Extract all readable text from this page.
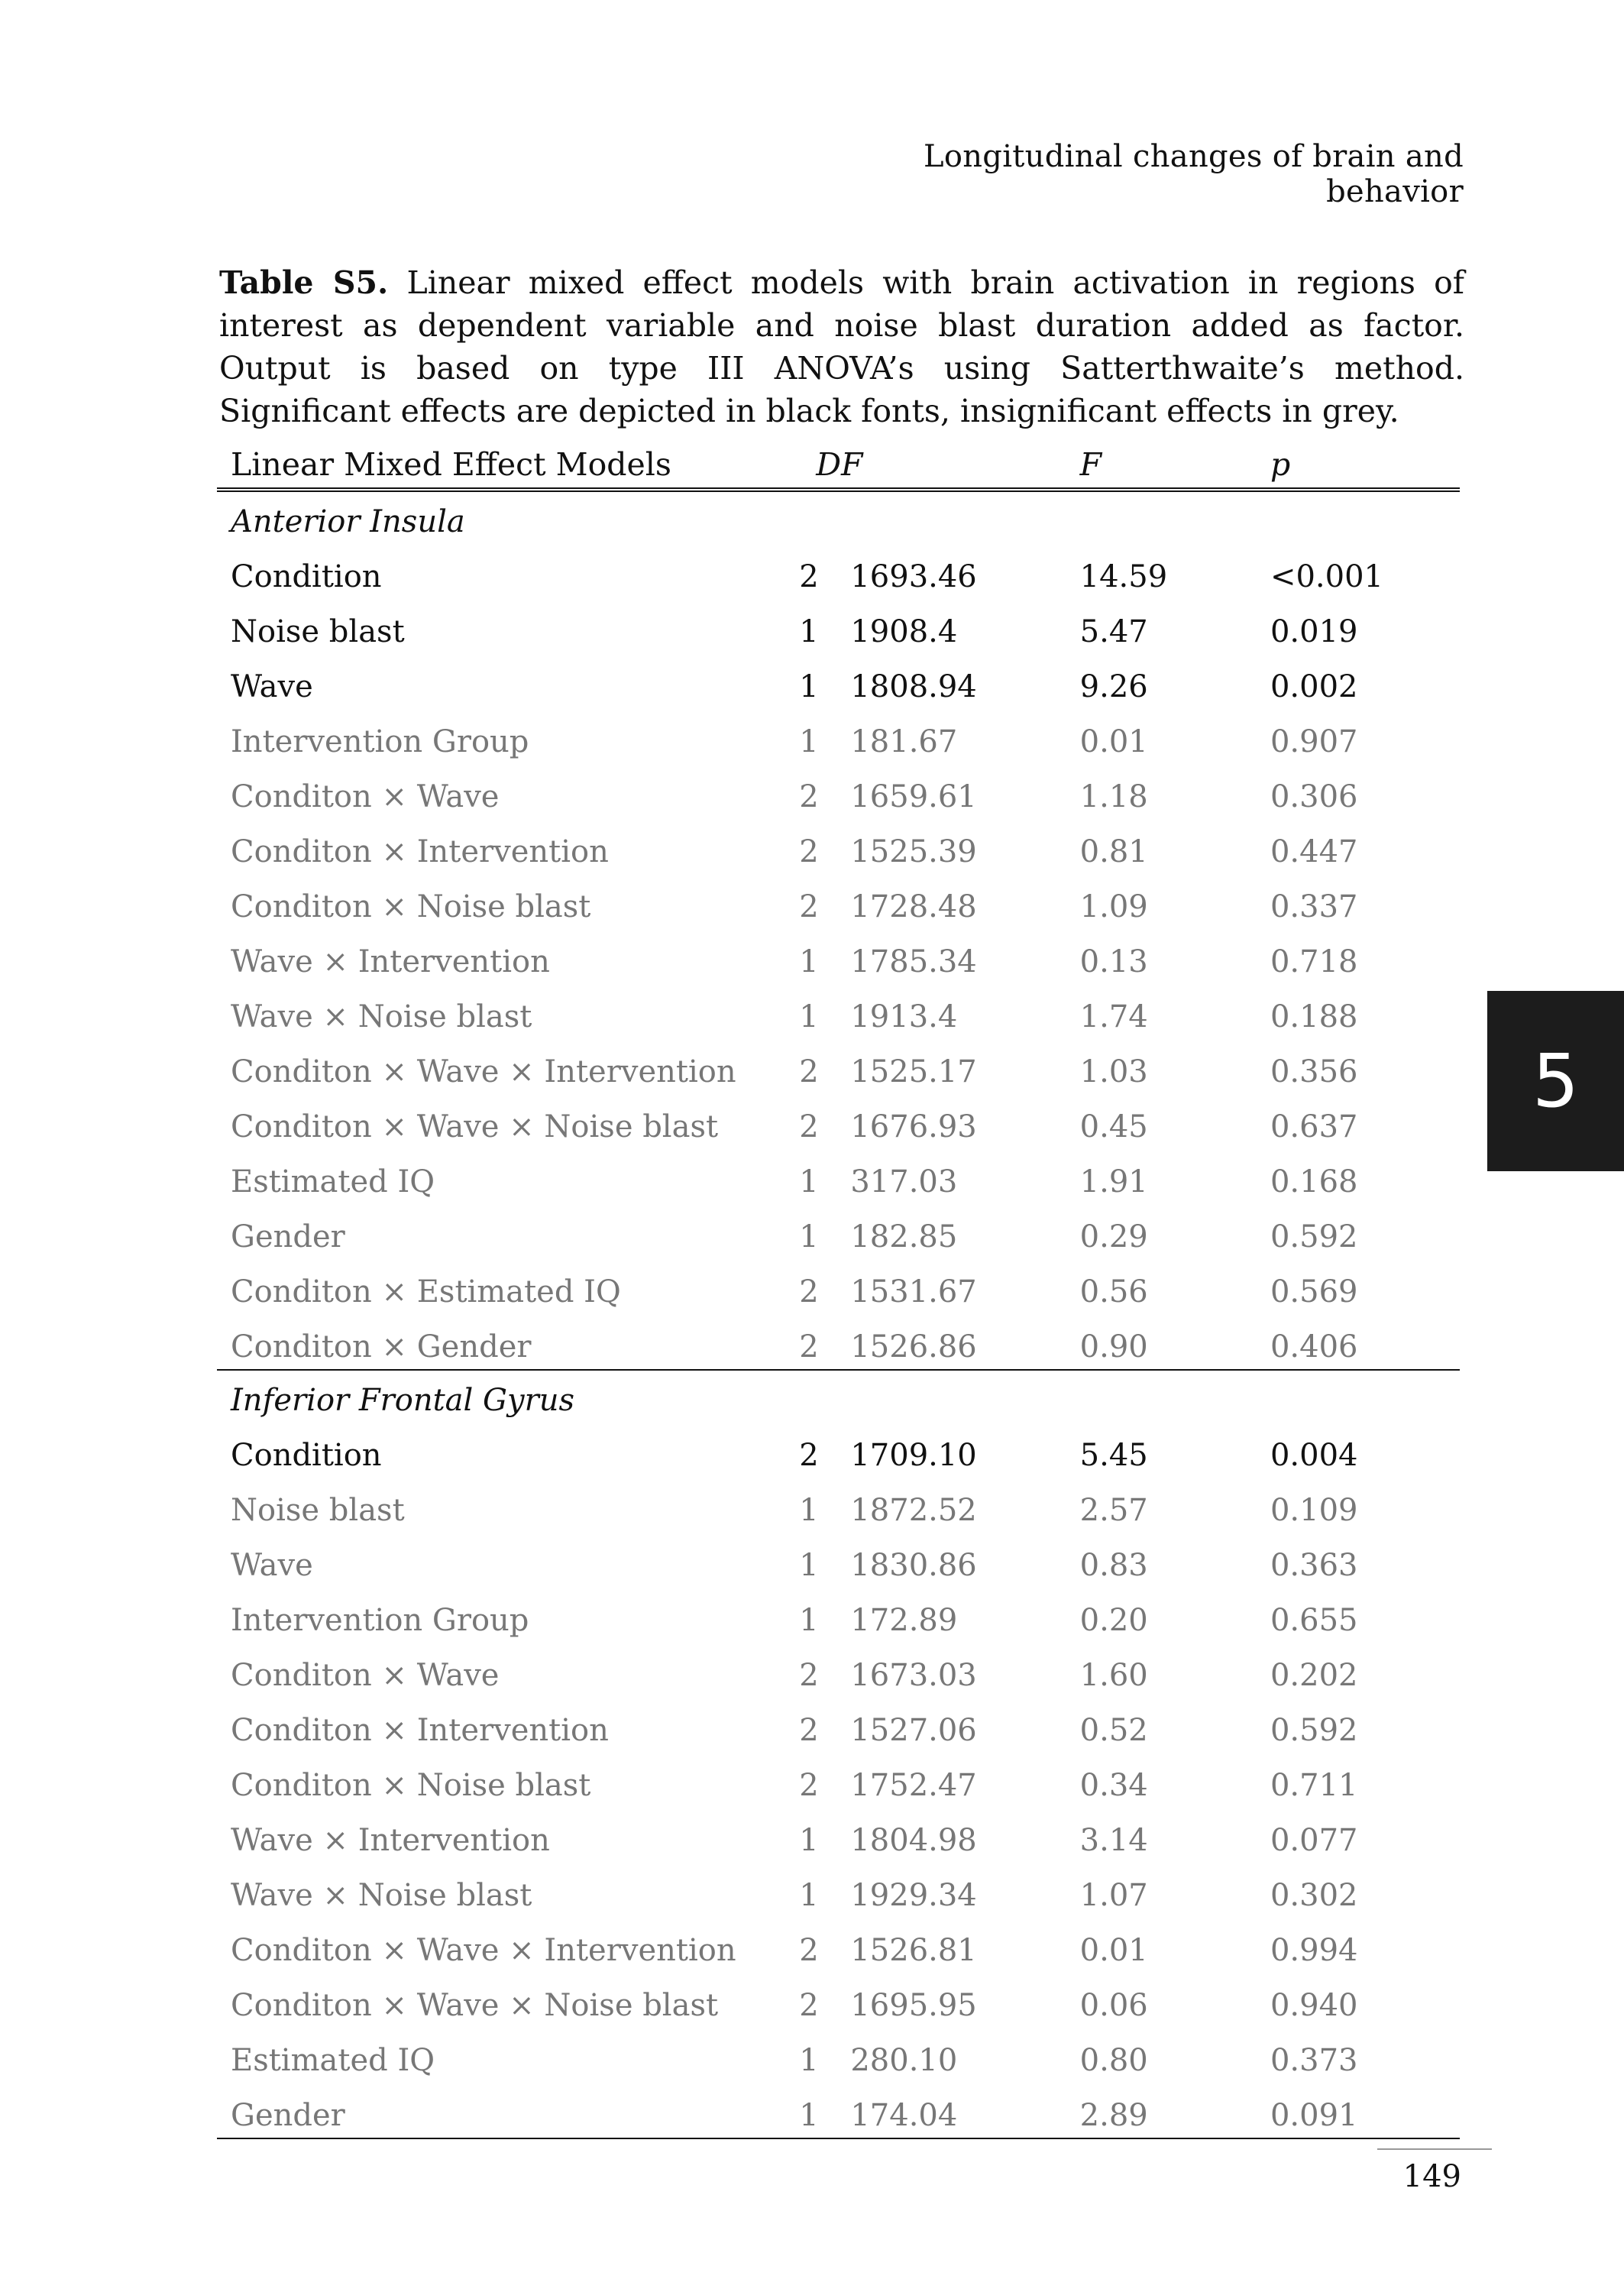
Longitudinal changes of brain and behavior
Table S5. Linear mixed effect models with brain activation in regions of interest as dependent variable and noise blast duration added as factor. Output is based on type III ANOVA’s using Satterthwaite’s method. Significant effects are depicted in black fonts, insignificant effects in grey.
Linear Mixed Effect Models	DF		F	p
Anterior Insula				
Condition	2	1693.46	14.59	<0.001
Noise blast	1	1908.4	5.47	0.019
Wave	1	1808.94	9.26	0.002
Intervention Group	1	181.67	0.01	0.907
Conditon × Wave	2	1659.61	1.18	0.306
Conditon × Intervention	2	1525.39	0.81	0.447
Conditon × Noise blast	2	1728.48	1.09	0.337
Wave × Intervention	1	1785.34	0.13	0.718
Wave × Noise blast	1	1913.4	1.74	0.188
Conditon × Wave × Intervention	2	1525.17	1.03	0.356
Conditon × Wave × Noise blast	2	1676.93	0.45	0.637
Estimated IQ	1	317.03	1.91	0.168
Gender	1	182.85	0.29	0.592
Conditon × Estimated IQ	2	1531.67	0.56	0.569
Conditon × Gender	2	1526.86	0.90	0.406
Inferior Frontal Gyrus				
Condition	2	1709.10	5.45	0.004
Noise blast	1	1872.52	2.57	0.109
Wave	1	1830.86	0.83	0.363
Intervention Group	1	172.89	0.20	0.655
Conditon × Wave	2	1673.03	1.60	0.202
Conditon × Intervention	2	1527.06	0.52	0.592
Conditon × Noise blast	2	1752.47	0.34	0.711
Wave × Intervention	1	1804.98	3.14	0.077
Wave × Noise blast	1	1929.34	1.07	0.302
Conditon × Wave × Intervention	2	1526.81	0.01	0.994
Conditon × Wave × Noise blast	2	1695.95	0.06	0.940
Estimated IQ	1	280.10	0.80	0.373
Gender	1	174.04	2.89	0.091
5
149
